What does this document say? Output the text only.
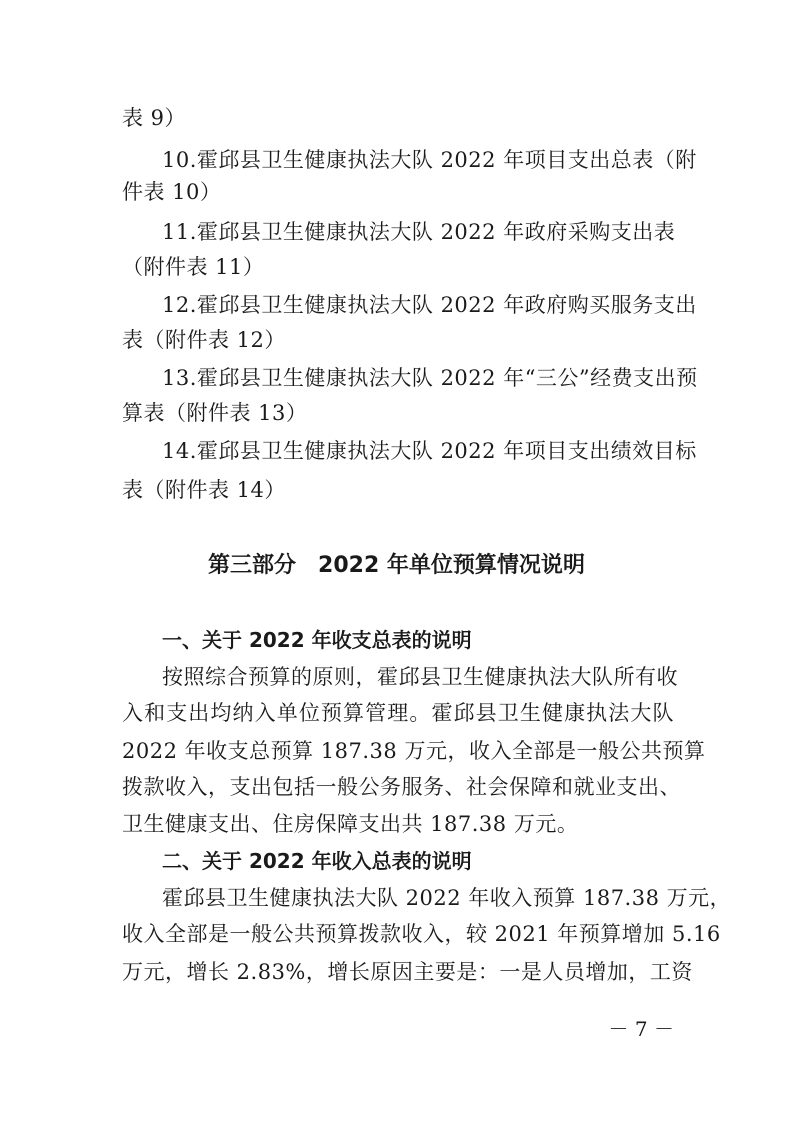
表 9）
10.霍邱县卫生健康执法大队 2022 年项目支出总表（附
件表 10）
11.霍邱县卫生健康执法大队 2022 年政府采购支出表
（附件表 11）
12.霍邱县卫生健康执法大队 2022 年政府购买服务支出
表（附件表 12）
13.霍邱县卫生健康执法大队 2022 年“三公”经费支出预
算表（附件表 13）
14.霍邱县卫生健康执法大队 2022 年项目支出绩效目标
表（附件表 14）
第三部分　2022 年单位预算情况说明
一、关于 2022 年收支总表的说明
按照综合预算的原则，霍邱县卫生健康执法大队所有收
入和支出均纳入单位预算管理。霍邱县卫生健康执法大队
2022 年收支总预算 187.38 万元，收入全部是一般公共预算
拨款收入，支出包括一般公务服务、社会保障和就业支出、
卫生健康支出、住房保障支出共 187.38 万元。
二、关于 2022 年收入总表的说明
霍邱县卫生健康执法大队 2022 年收入预算 187.38 万元，
收入全部是一般公共预算拨款收入，较 2021 年预算增加 5.16
万元，增长 2.83%，增长原因主要是：一是人员增加，工资
－ 7 －
